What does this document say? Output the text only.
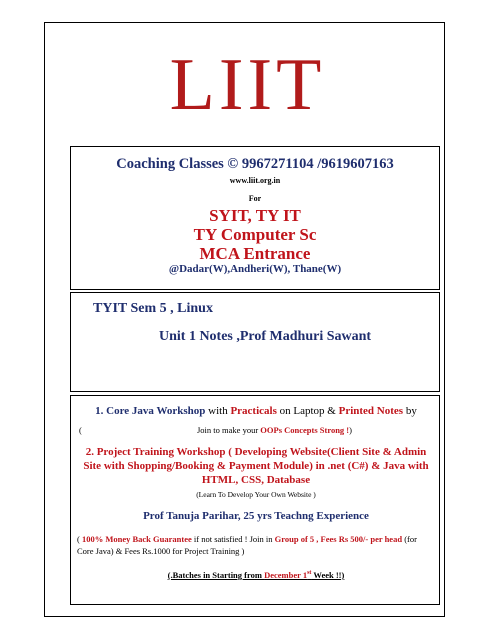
LIIT
Coaching Classes © 9967271104 /9619607163
www.liit.org.in
For
SYIT, TY IT
TY Computer Sc
MCA Entrance
@Dadar(W),Andheri(W), Thane(W)
TYIT Sem 5 , Linux
Unit 1 Notes ,Prof Madhuri Sawant
1. Core Java Workshop with Practicals on Laptop & Printed Notes by
(	Join to make your OOPs Concepts Strong !)
2. Project Training Workshop ( Developing Website(Client Site & Admin Site with Shopping/Booking & Payment Module) in .net (C#) & Java with HTML, CSS, Database
(Learn To Develop Your Own Website )
Prof Tanuja Parihar, 25 yrs Teachng Experience
( 100% Money Back Guarantee if not satisfied ! Join in Group of 5 , Fees Rs 500/- per head (for Core Java) & Fees Rs.1000 for Project Training )
(.Batches in Starting from December 1st Week !!)
